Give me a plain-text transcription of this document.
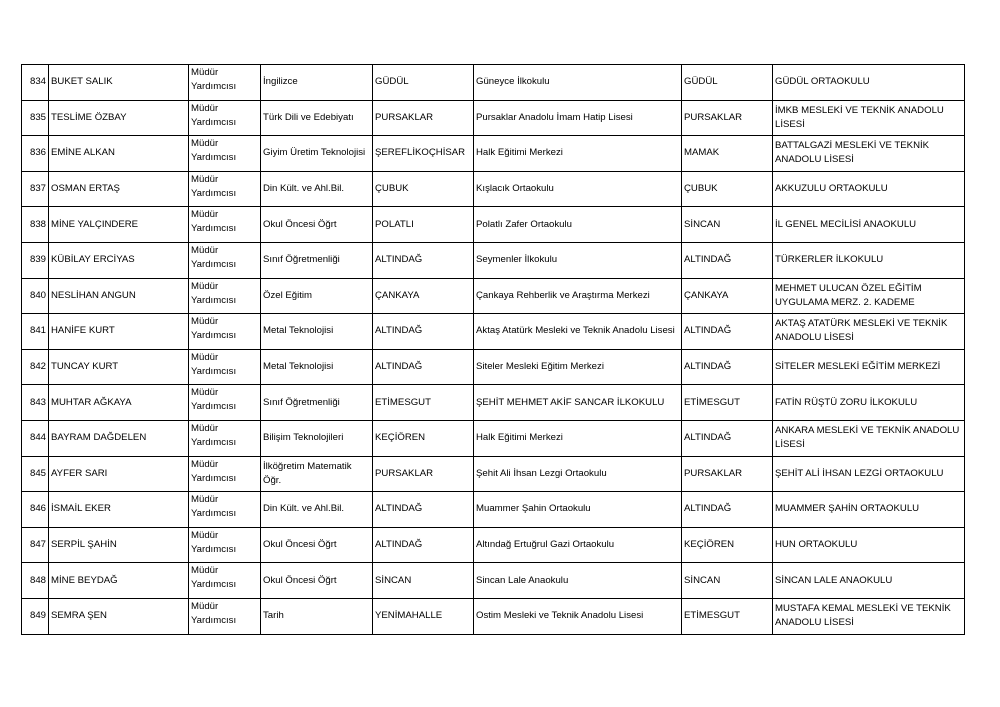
834	BUKET SALIK	Müdür Yardımcısı	İngilizce	GÜDÜL	Güneyce İlkokulu	GÜDÜL	GÜDÜL ORTAOKULU
835	TESLİME ÖZBAY	Müdür Yardımcısı	Türk Dili ve Edebiyatı	PURSAKLAR	Pursaklar Anadolu İmam Hatip Lisesi	PURSAKLAR	İMKB MESLEKİ VE TEKNİK ANADOLU LİSESİ
836	EMİNE ALKAN	Müdür Yardımcısı	Giyim Üretim Teknolojisi	ŞEREFLİKOÇHİSAR	Halk Eğitimi Merkezi	MAMAK	BATTALGAZİ MESLEKİ VE TEKNİK ANADOLU LİSESİ
837	OSMAN ERTAŞ	Müdür Yardımcısı	Din Kült. ve Ahl.Bil.	ÇUBUK	Kışlacık Ortaokulu	ÇUBUK	AKKUZULU ORTAOKULU
838	MİNE YALÇINDERE	Müdür Yardımcısı	Okul Öncesi Öğrt	POLATLI	Polatlı Zafer Ortaokulu	SİNCAN	İL GENEL MECİLİSİ ANAOKULU
839	KÜBİLAY ERCİYAS	Müdür Yardımcısı	Sınıf Öğretmenliği	ALTINDAĞ	Seymenler İlkokulu	ALTINDAĞ	TÜRKERLER İLKOKULU
840	NESLİHAN ANGUN	Müdür Yardımcısı	Özel Eğitim	ÇANKAYA	Çankaya Rehberlik ve Araştırma Merkezi	ÇANKAYA	MEHMET ULUCAN ÖZEL EĞİTİM UYGULAMA MERZ. 2. KADEME
841	HANİFE KURT	Müdür Yardımcısı	Metal Teknolojisi	ALTINDAĞ	Aktaş Atatürk Mesleki ve Teknik Anadolu Lisesi	ALTINDAĞ	AKTAŞ ATATÜRK MESLEKİ VE TEKNİK ANADOLU LİSESİ
842	TUNCAY KURT	Müdür Yardımcısı	Metal Teknolojisi	ALTINDAĞ	Siteler Mesleki Eğitim Merkezi	ALTINDAĞ	SİTELER MESLEKİ EĞİTİM MERKEZİ
843	MUHTAR AĞKAYA	Müdür Yardımcısı	Sınıf Öğretmenliği	ETİMESGUT	ŞEHİT MEHMET AKİF SANCAR İLKOKULU	ETİMESGUT	FATİN RÜŞTÜ ZORU İLKOKULU
844	BAYRAM DAĞDELEN	Müdür Yardımcısı	Bilişim Teknolojileri	KEÇİÖREN	Halk Eğitimi Merkezi	ALTINDAĞ	ANKARA MESLEKİ VE TEKNİK ANADOLU LİSESİ
845	AYFER SARI	Müdür Yardımcısı	İlköğretim Matematik Öğr.	PURSAKLAR	Şehit Ali İhsan Lezgi Ortaokulu	PURSAKLAR	ŞEHİT ALİ İHSAN LEZGİ ORTAOKULU
846	İSMAİL EKER	Müdür Yardımcısı	Din Kült. ve Ahl.Bil.	ALTINDAĞ	Muammer Şahin Ortaokulu	ALTINDAĞ	MUAMMER ŞAHİN ORTAOKULU
847	SERPİL ŞAHİN	Müdür Yardımcısı	Okul Öncesi Öğrt	ALTINDAĞ	Altındağ Ertuğrul Gazi Ortaokulu	KEÇİÖREN	HUN ORTAOKULU
848	MİNE BEYDAĞ	Müdür Yardımcısı	Okul Öncesi Öğrt	SİNCAN	Sincan Lale Anaokulu	SİNCAN	SİNCAN LALE ANAOKULU
849	SEMRA ŞEN	Müdür Yardımcısı	Tarih	YENİMAHALLE	Ostim Mesleki ve Teknik Anadolu Lisesi	ETİMESGUT	MUSTAFA KEMAL MESLEKİ VE TEKNİK ANADOLU LİSESİ
